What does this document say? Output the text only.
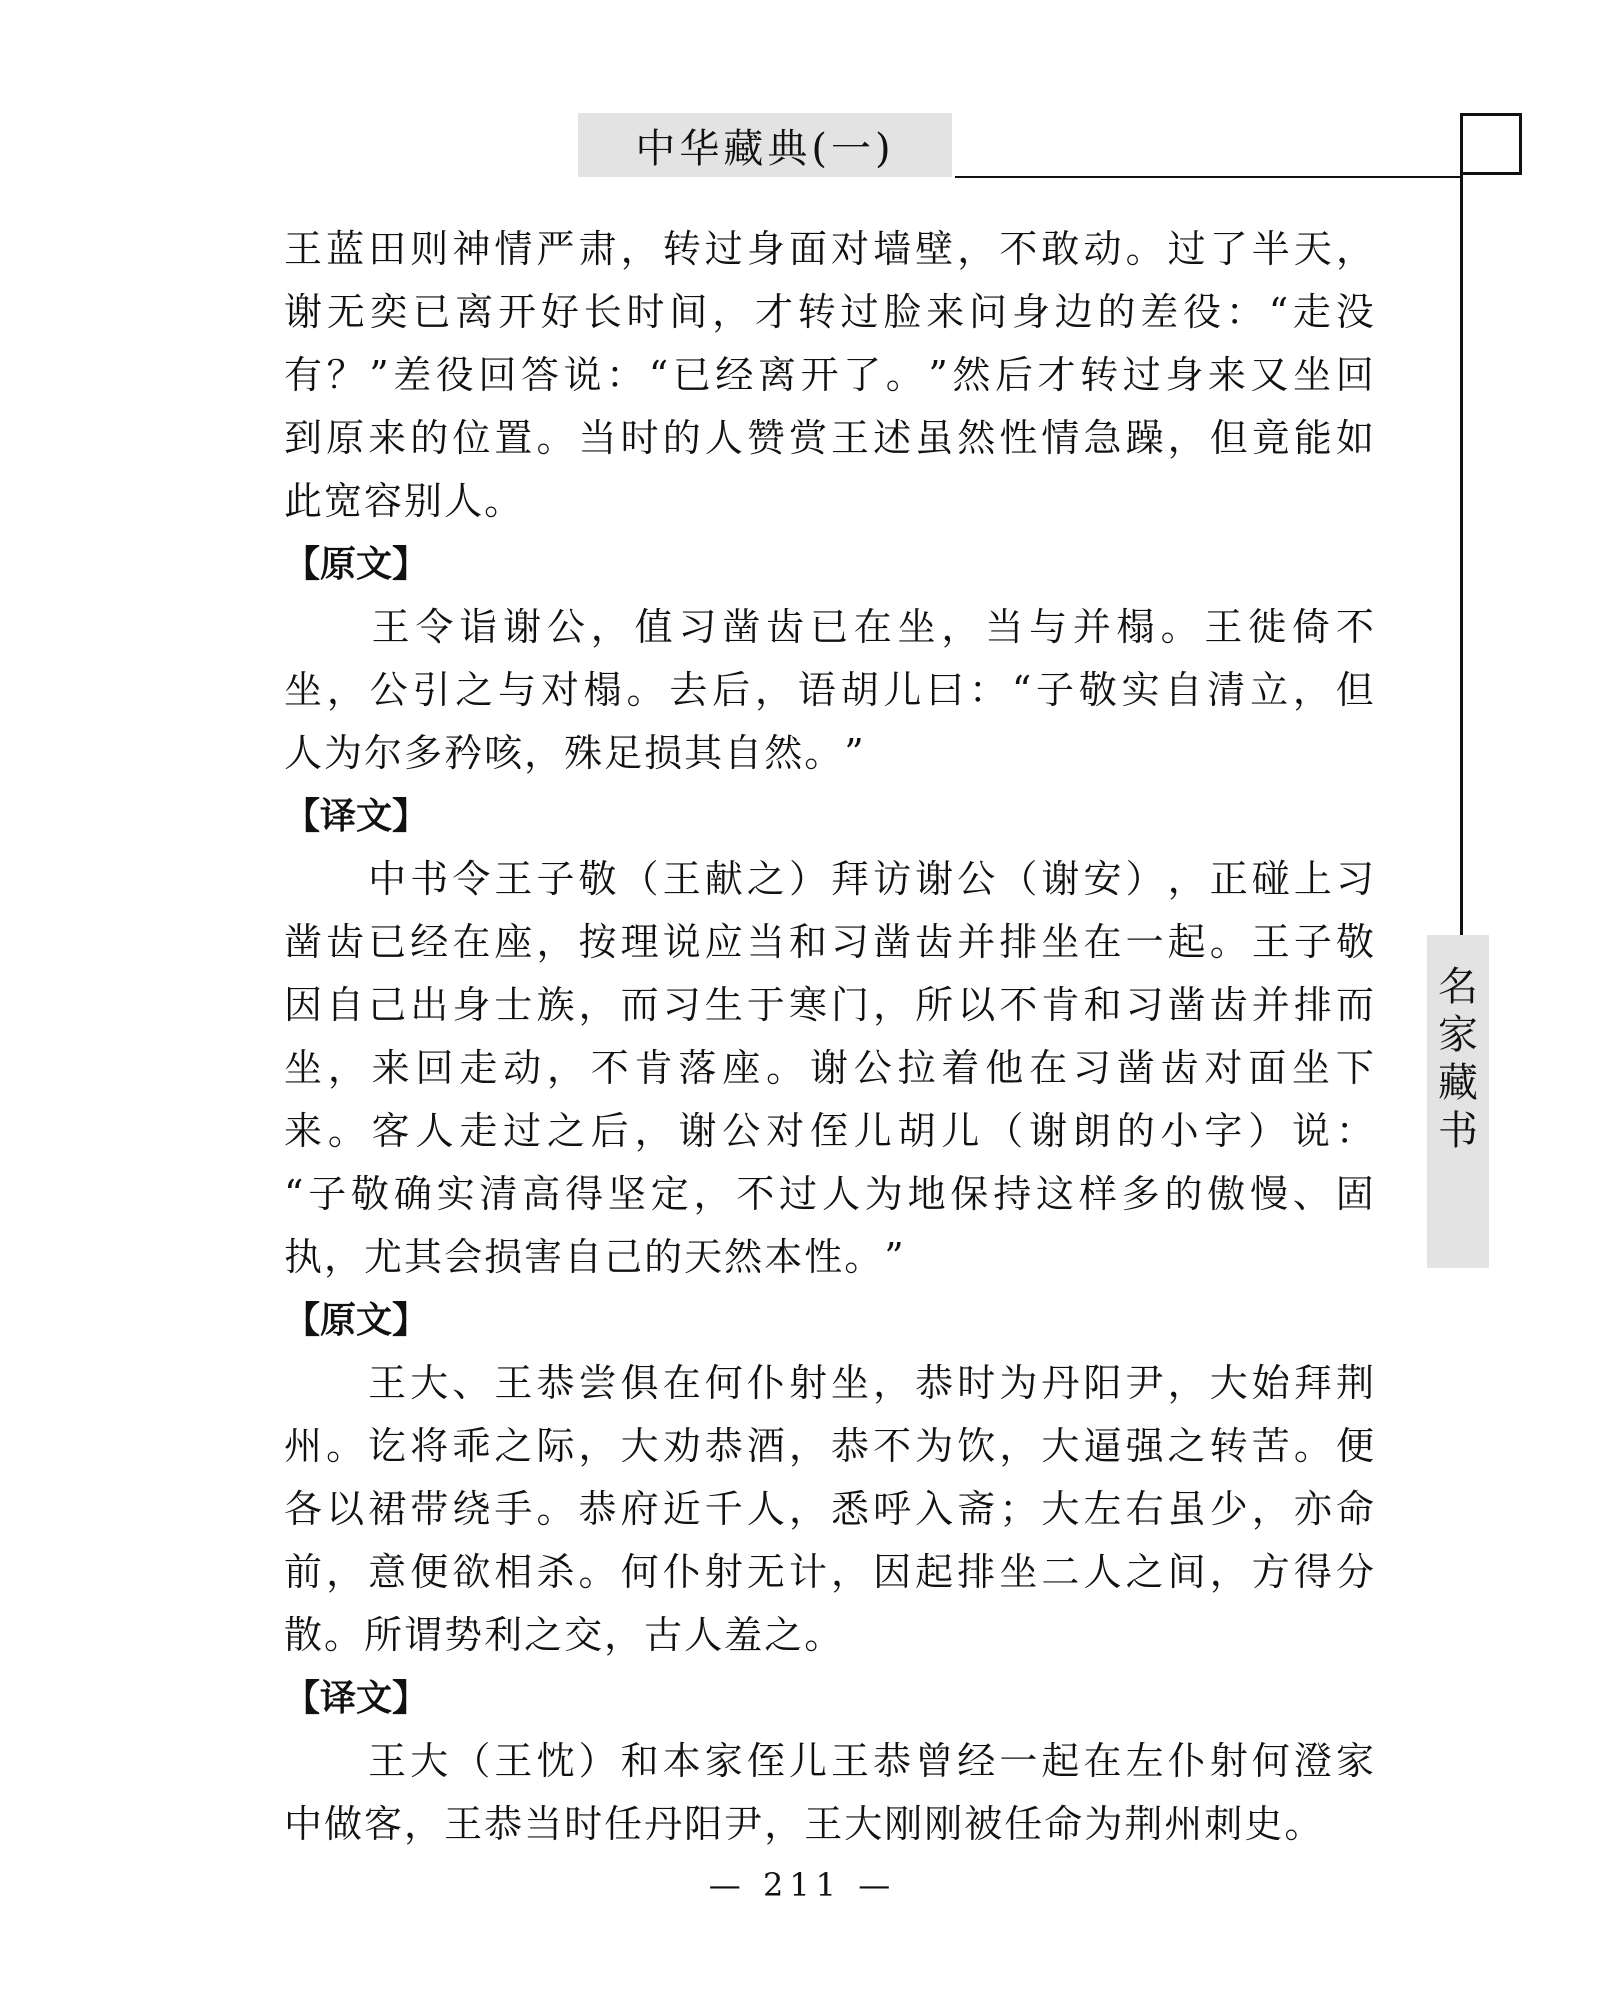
中华藏典(一)
名
家
藏
书
王 蓝 田 则 神 情 严 肃 ， 转 过 身 面 对 墙 壁 ， 不 敢 动 。 过 了 半 天 ，
谢 无 奕 已 离 开 好 长 时 间 ， 才 转 过 脸 来 问 身 边 的 差 役 ： “ 走 没
有 ？ ” 差 役 回 答 说 ： “ 已 经 离 开 了 。 ” 然 后 才 转 过 身 来 又 坐 回
到 原 来 的 位 置 。 当 时 的 人 赞 赏 王 述 虽 然 性 情 急 躁 ， 但 竟 能 如
此 宽 容 别 人 。
【原文】

王 令 诣 谢 公 ， 值 习 凿 齿 已 在 坐 ， 当 与 并 榻 。 王 徙 倚 不
坐 ， 公 引 之 与 对 榻 。 去 后 ， 语 胡 儿 曰 ： “ 子 敬 实 自 清 立 ， 但
人 为 尔 多 矜 咳 ， 殊 足 损 其 自 然 。 ”
【译文】

中 书 令 王 子 敬 （ 王 献 之 ） 拜 访 谢 公 （ 谢 安 ） ， 正 碰 上 习
凿 齿 已 经 在 座 ， 按 理 说 应 当 和 习 凿 齿 并 排 坐 在 一 起 。 王 子 敬
因 自 己 出 身 士 族 ， 而 习 生 于 寒 门 ， 所 以 不 肯 和 习 凿 齿 并 排 而
坐 ， 来 回 走 动 ， 不 肯 落 座 。 谢 公 拉 着 他 在 习 凿 齿 对 面 坐 下
来 。 客 人 走 过 之 后 ， 谢 公 对 侄 儿 胡 儿 （ 谢 朗 的 小 字 ） 说 ：
“ 子 敬 确 实 清 高 得 坚 定 ， 不 过 人 为 地 保 持 这 样 多 的 傲 慢 、 固
执 ， 尤 其 会 损 害 自 己 的 天 然 本 性 。 ”
【原文】

王 大 、 王 恭 尝 俱 在 何 仆 射 坐 ， 恭 时 为 丹 阳 尹 ， 大 始 拜 荆
州 。 讫 将 乖 之 际 ， 大 劝 恭 酒 ， 恭 不 为 饮 ， 大 逼 强 之 转 苦 。 便
各 以 裙 带 绕 手 。 恭 府 近 千 人 ， 悉 呼 入 斋 ； 大 左 右 虽 少 ， 亦 命
前 ， 意 便 欲 相 杀 。 何 仆 射 无 计 ， 因 起 排 坐 二 人 之 间 ， 方 得 分
散 。 所 谓 势 利 之 交 ， 古 人 羞 之 。
【译文】

王 大 （ 王 忱 ） 和 本 家 侄 儿 王 恭 曾 经 一 起 在 左 仆 射 何 澄 家
中 做 客 ， 王 恭 当 时 任 丹 阳 尹 ， 王 大 刚 刚 被 任 命 为 荆 州 刺 史 。
— 211 —
